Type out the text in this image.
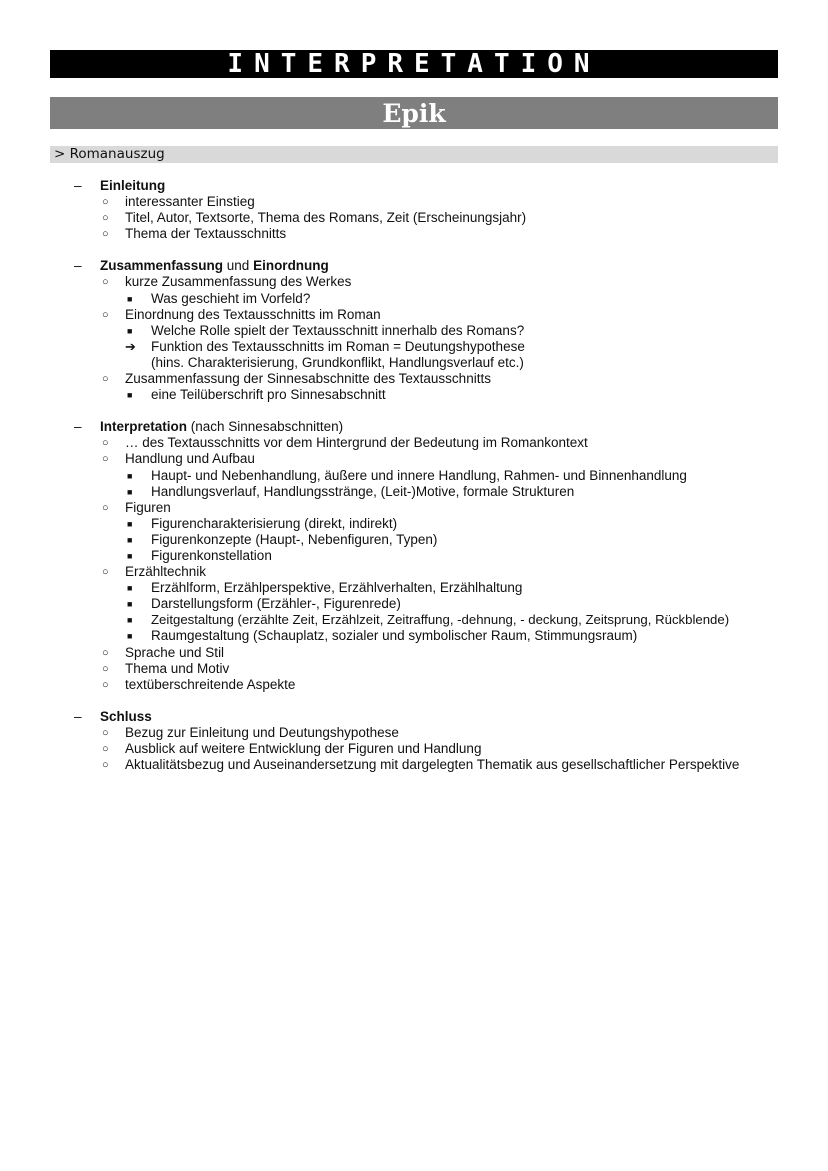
INTERPRETATION
Epik
> Romanauszug
–	Einleitung
○ interessanter Einstieg
○ Titel, Autor, Textsorte, Thema des Romans, Zeit (Erscheinungsjahr)
○ Thema der Textausschnitts
–	Zusammenfassung und Einordnung
○ kurze Zusammenfassung des Werkes
■ Was geschieht im Vorfeld?
○ Einordnung des Textausschnitts im Roman
■ Welche Rolle spielt der Textausschnitt innerhalb des Romans?
➔ Funktion des Textausschnitts im Roman = Deutungshypothese
(hins. Charakterisierung, Grundkonflikt, Handlungsverlauf etc.)
○ Zusammenfassung der Sinnesabschnitte des Textausschnitts
■ eine Teilüberschrift pro Sinnesabschnitt
–	Interpretation (nach Sinnesabschnitten)
○ … des Textausschnitts vor dem Hintergrund der Bedeutung im Romankontext
○ Handlung und Aufbau
■ Haupt- und Nebenhandlung, äußere und innere Handlung, Rahmen- und Binnenhandlung
■ Handlungsverlauf, Handlungsstränge, (Leit-)Motive, formale Strukturen
○ Figuren
■ Figurencharakterisierung (direkt, indirekt)
■ Figurenkonzepte (Haupt-, Nebenfiguren, Typen)
■ Figurenkonstellation
○ Erzähltechnik
■ Erzählform, Erzählperspektive, Erzählverhalten, Erzählhaltung
■ Darstellungsform (Erzähler-, Figurenrede)
■ Zeitgestaltung (erzählte Zeit, Erzählzeit, Zeitraffung, -dehnung, - deckung, Zeitsprung, Rückblende)
■ Raumgestaltung (Schauplatz, sozialer und symbolischer Raum, Stimmungsraum)
○ Sprache und Stil
○ Thema und Motiv
○ textüberschreitende Aspekte
–	Schluss
○ Bezug zur Einleitung und Deutungshypothese
○ Ausblick auf weitere Entwicklung der Figuren und Handlung
○ Aktualitätsbezug und Auseinandersetzung mit dargelegten Thematik aus gesellschaftlicher Perspektive
